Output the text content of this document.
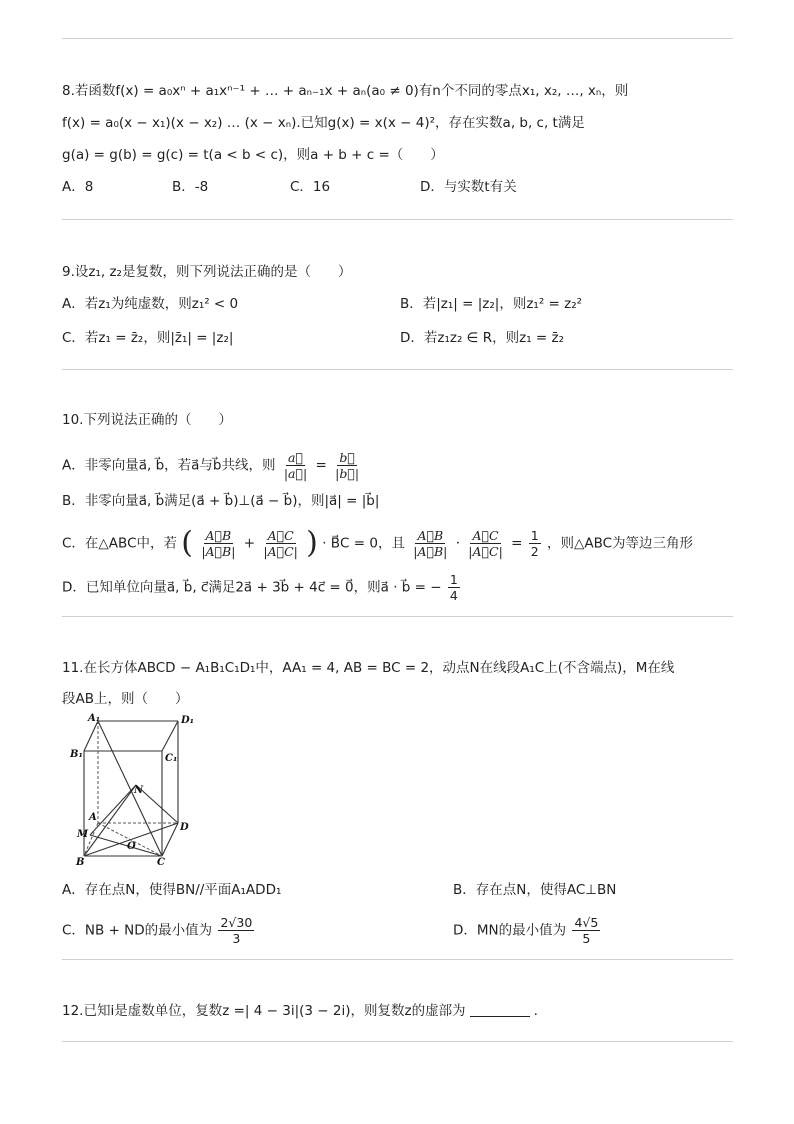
8.若函数f(x) = a₀xⁿ + a₁xⁿ⁻¹ + … + aₙ₋₁x + aₙ(a₀ ≠ 0)有n个不同的零点x₁, x₂, …, xₙ，则
f(x) = a₀(x − x₁)(x − x₂) … (x − xₙ).已知g(x) = x(x − 4)²，存在实数a, b, c, t满足
g(a) = g(b) = g(c) = t(a < b < c)，则a + b + c =（　　）
A．8	B．-8	C．16	D．与实数t有关
9.设z₁, z₂是复数，则下列说法正确的是（　　）
A．若z₁为纯虚数，则z₁² < 0	B．若|z₁| = |z₂|，则z₁² = z₂²
C．若z₁ = z̄₂，则|z̄₁| = |z₂|	D．若z₁z₂ ∈ R，则z₁ = z̄₂
10.下列说法正确的（　　）
A．非零向量a⃗, b⃗，若a⃗与b⃗共线，则 $\frac{a⃗}{|a⃗|} = \frac{b⃗}{|b⃗|}$
B．非零向量a⃗, b⃗满足(a⃗ + b⃗)⊥(a⃗ − b⃗)，则|a⃗| = |b⃗|
C．在△ABC中，若 ( $\frac{A⃗B}{|A⃗B|} + \frac{A⃗C}{|A⃗C|}$ ) · B⃗C = 0，且 $\frac{A⃗B}{|A⃗B|} \cdot \frac{A⃗C}{|A⃗C|} = \frac{1}{2}$ ，则△ABC为等边三角形
D．已知单位向量a⃗, b⃗, c⃗满足2a⃗ + 3b⃗ + 4c⃗ = 0⃗，则a⃗ · b⃗ = − $\frac{1}{4}$
11.在长方体ABCD − A₁B₁C₁D₁中，AA₁ = 4, AB = BC = 2，动点N在线段A₁C上(不含端点)，M在线
段AB上，则（　　）
A₁	D₁
B₁	C₁
N
A
M
D
O
B	C
A．存在点N，使得BN//平面A₁ADD₁	B．存在点N，使得AC⊥BN
C．NB + ND的最小值为 $\frac{2√30}{3}$	D．MN的最小值为 $\frac{4√5}{5}$
12.已知i是虚数单位，复数z =| 4 − 3i|(3 − 2i)，则复数z的虚部为	.
